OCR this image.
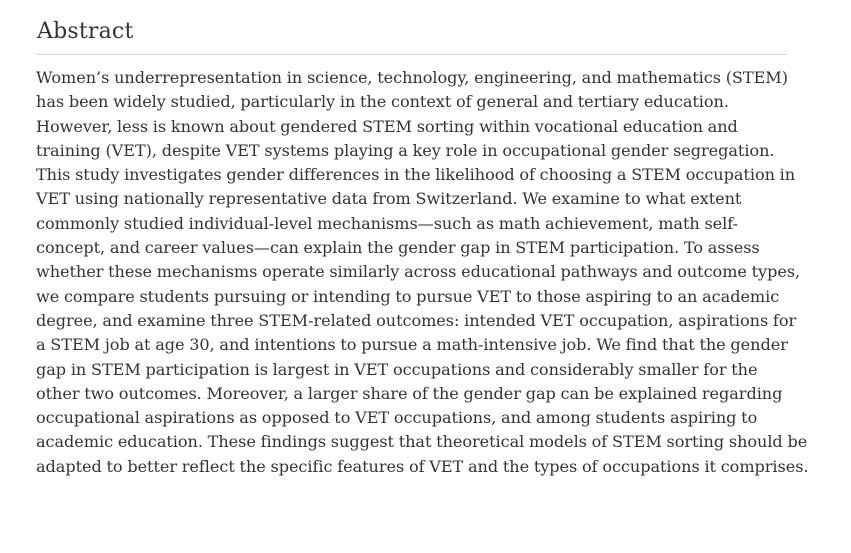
Abstract

Women’s underrepresentation in science, technology, engineering, and mathematics (STEM)
has been widely studied, particularly in the context of general and tertiary education.
However, less is known about gendered STEM sorting within vocational education and
training (VET), despite VET systems playing a key role in occupational gender segregation.
This study investigates gender differences in the likelihood of choosing a STEM occupation in
VET using nationally representative data from Switzerland. We examine to what extent
commonly studied individual-level mechanisms—such as math achievement, math self-
concept, and career values—can explain the gender gap in STEM participation. To assess
whether these mechanisms operate similarly across educational pathways and outcome types,
we compare students pursuing or intending to pursue VET to those aspiring to an academic
degree, and examine three STEM-related outcomes: intended VET occupation, aspirations for
a STEM job at age 30, and intentions to pursue a math-intensive job. We find that the gender
gap in STEM participation is largest in VET occupations and considerably smaller for the
other two outcomes. Moreover, a larger share of the gender gap can be explained regarding
occupational aspirations as opposed to VET occupations, and among students aspiring to
academic education. These findings suggest that theoretical models of STEM sorting should be
adapted to better reflect the specific features of VET and the types of occupations it comprises.
